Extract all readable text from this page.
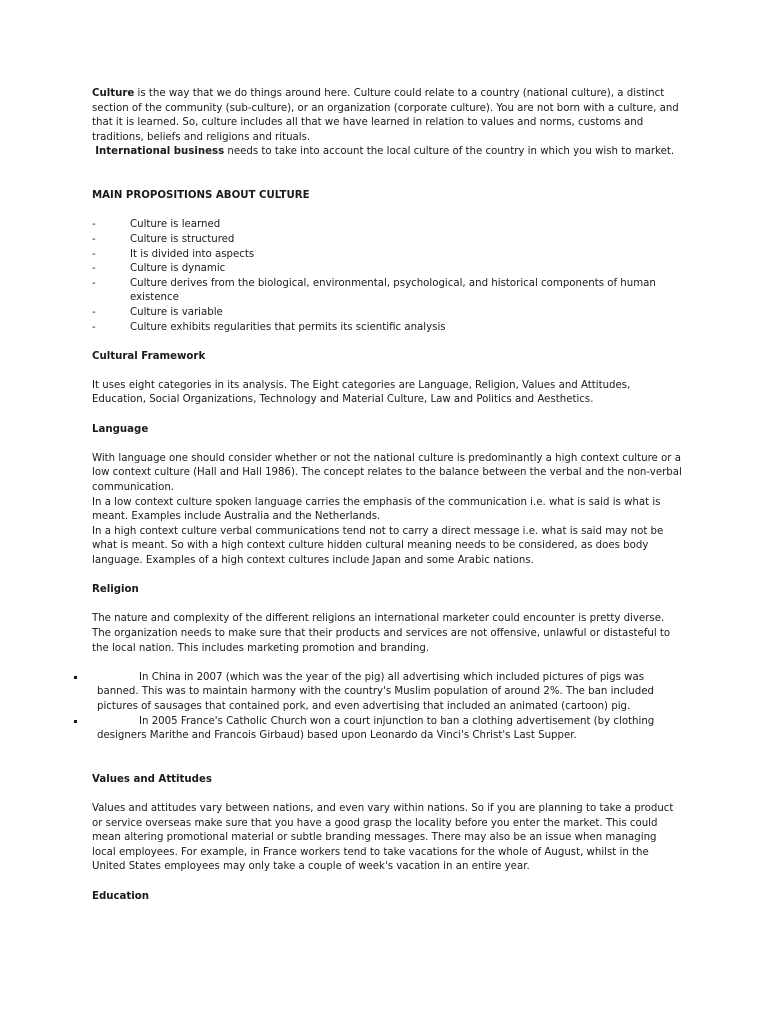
Culture is the way that we do things around here. Culture could relate to a country (national culture), a distinct section of the community (sub-culture), or an organization (corporate culture). You are not born with a culture, and that it is learned. So, culture includes all that we have learned in relation to values and norms, customs and traditions, beliefs and religions and rituals.

International business needs to take into account the local culture of the country in which you wish to market.

MAIN PROPOSITIONS ABOUT CULTURE

-	Culture is learned
-	Culture is structured
-	It is divided into aspects
-	Culture is dynamic
-	Culture derives from the biological, environmental, psychological, and historical components of human existence
-	Culture is variable
-	Culture exhibits regularities that permits its scientific analysis

Cultural Framework

It uses eight categories in its analysis. The Eight categories are Language, Religion, Values and Attitudes, Education, Social Organizations, Technology and Material Culture, Law and Politics and Aesthetics.

Language

With language one should consider whether or not the national culture is predominantly a high context culture or a low context culture (Hall and Hall 1986). The concept relates to the balance between the verbal and the non-verbal communication.

In a low context culture spoken language carries the emphasis of the communication i.e. what is said is what is meant. Examples include Australia and the Netherlands.

In a high context culture verbal communications tend not to carry a direct message i.e. what is said may not be what is meant. So with a high context culture hidden cultural meaning needs to be considered, as does body language. Examples of a high context cultures include Japan and some Arabic nations.

Religion

The nature and complexity of the different religions an international marketer could encounter is pretty diverse. The organization needs to make sure that their products and services are not offensive, unlawful or distasteful to the local nation. This includes marketing promotion and branding.

In China in 2007 (which was the year of the pig) all advertising which included pictures of pigs was banned. This was to maintain harmony with the country's Muslim population of around 2%. The ban included pictures of sausages that contained pork, and even advertising that included an animated (cartoon) pig.
In 2005 France's Catholic Church won a court injunction to ban a clothing advertisement (by clothing designers Marithe and Francois Girbaud) based upon Leonardo da Vinci's Christ's Last Supper.

Values and Attitudes

Values and attitudes vary between nations, and even vary within nations. So if you are planning to take a product or service overseas make sure that you have a good grasp the locality before you enter the market. This could mean altering promotional material or subtle branding messages. There may also be an issue when managing local employees. For example, in France workers tend to take vacations for the whole of August, whilst in the United States employees may only take a couple of week's vacation in an entire year.

Education
